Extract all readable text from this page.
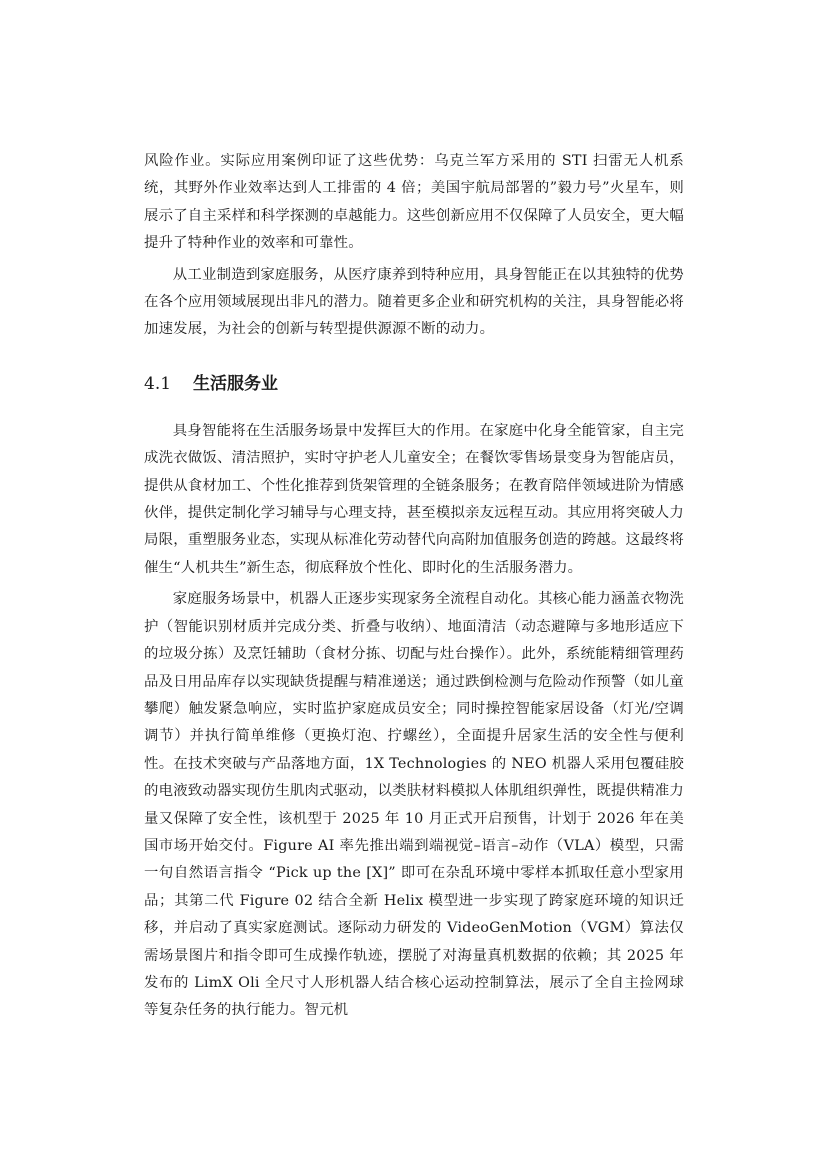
风险作业。实际应用案例印证了这些优势：乌克兰军方采用的 STI 扫雷无人机系统，其野外作业效率达到人工排雷的 4 倍；美国宇航局部署的”毅力号”火星车，则展示了自主采样和科学探测的卓越能力。这些创新应用不仅保障了人员安全，更大幅提升了特种作业的效率和可靠性。

从工业制造到家庭服务，从医疗康养到特种应用，具身智能正在以其独特的优势在各个应用领域展现出非凡的潜力。随着更多企业和研究机构的关注，具身智能必将加速发展，为社会的创新与转型提供源源不断的动力。

4.1 生活服务业

具身智能将在生活服务场景中发挥巨大的作用。在家庭中化身全能管家，自主完成洗衣做饭、清洁照护，实时守护老人儿童安全；在餐饮零售场景变身为智能店员，提供从食材加工、个性化推荐到货架管理的全链条服务；在教育陪伴领域进阶为情感伙伴，提供定制化学习辅导与心理支持，甚至模拟亲友远程互动。其应用将突破人力局限，重塑服务业态，实现从标准化劳动替代向高附加值服务创造的跨越。这最终将催生“人机共生”新生态，彻底释放个性化、即时化的生活服务潜力。

家庭服务场景中，机器人正逐步实现家务全流程自动化。其核心能力涵盖衣物洗护（智能识别材质并完成分类、折叠与收纳）、地面清洁（动态避障与多地形适应下的垃圾分拣）及烹饪辅助（食材分拣、切配与灶台操作）。此外，系统能精细管理药品及日用品库存以实现缺货提醒与精准递送；通过跌倒检测与危险动作预警（如儿童攀爬）触发紧急响应，实时监护家庭成员安全；同时操控智能家居设备（灯光/空调调节）并执行简单维修（更换灯泡、拧螺丝），全面提升居家生活的安全性与便利性。在技术突破与产品落地方面，1X Technologies 的 NEO 机器人采用包覆硅胶的电液致动器实现仿生肌肉式驱动，以类肤材料模拟人体肌组织弹性，既提供精准力量又保障了安全性，该机型于 2025 年 10 月正式开启预售，计划于 2026 年在美国市场开始交付。Figure AI 率先推出端到端视觉–语言–动作（VLA）模型，只需一句自然语言指令 “Pick up the [X]” 即可在杂乱环境中零样本抓取任意小型家用品；其第二代 Figure 02 结合全新 Helix 模型进一步实现了跨家庭环境的知识迁移，并启动了真实家庭测试。逐际动力研发的 VideoGenMotion（VGM）算法仅需场景图片和指令即可生成操作轨迹，摆脱了对海量真机数据的依赖；其 2025 年发布的 LimX Oli 全尺寸人形机器人结合核心运动控制算法，展示了全自主捡网球等复杂任务的执行能力。智元机
